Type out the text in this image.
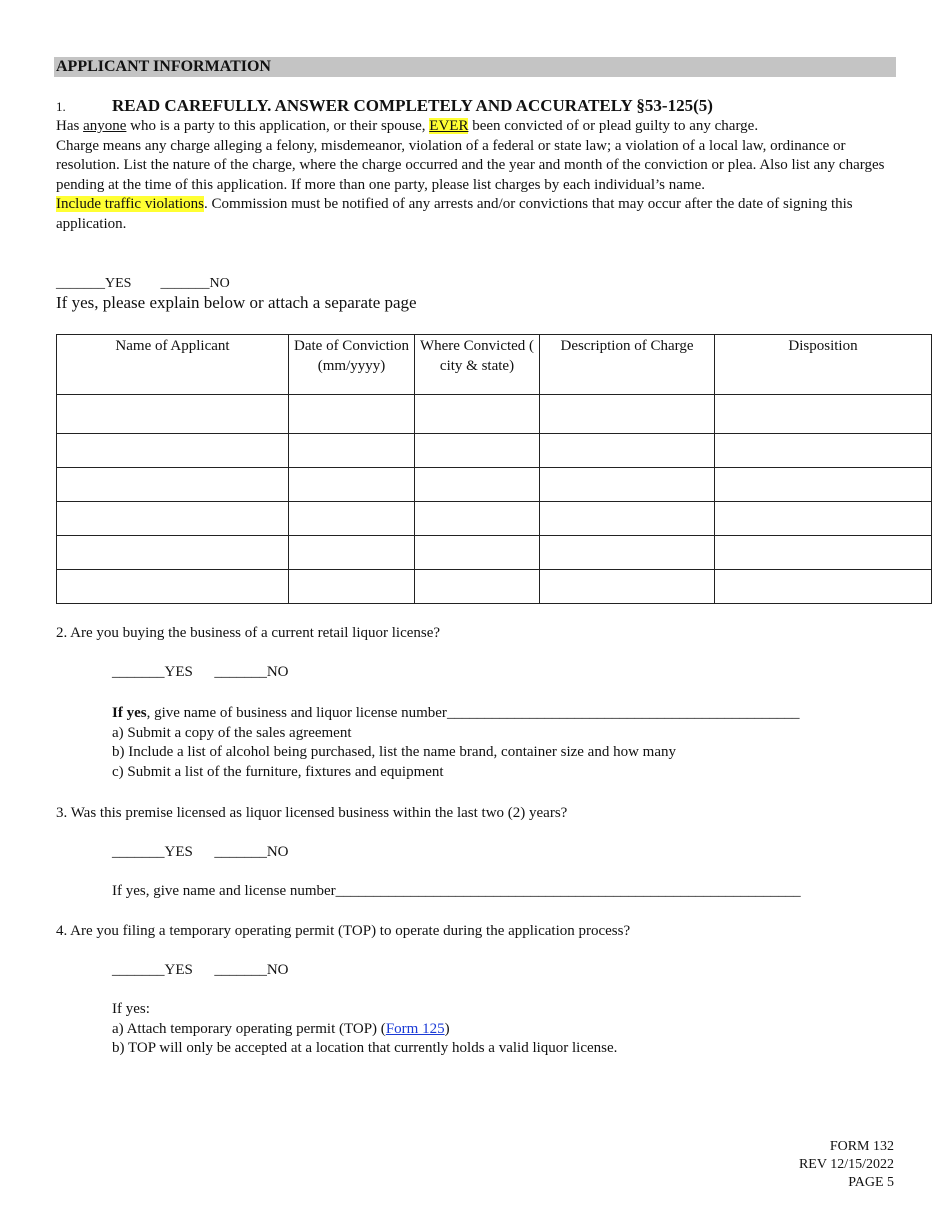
APPLICANT INFORMATION
1.	READ CAREFULLY. ANSWER COMPLETELY AND ACCURATELY §53-125(5)
Has anyone who is a party to this application, or their spouse, EVER been convicted of or plead guilty to any charge.
Charge means any charge alleging a felony, misdemeanor, violation of a federal or state law; a violation of a local law, ordinance or resolution. List the nature of the charge, where the charge occurred and the year and month of the conviction or plea. Also list any charges pending at the time of this application. If more than one party, please list charges by each individual’s name.
Include traffic violations. Commission must be notified of any arrests and/or convictions that may occur after the date of signing this application.
_______YES _______NO
If yes, please explain below or attach a separate page
Name of Applicant	Date of Conviction (mm/yyyy)	Where Convicted ( city & state)	Description of Charge	Disposition

2. Are you buying the business of a current retail liquor license?
_______YES _______NO
If yes, give name of business and liquor license number_______________________________________________
a) Submit a copy of the sales agreement
b) Include a list of alcohol being purchased, list the name brand, container size and how many
c) Submit a list of the furniture, fixtures and equipment
3. Was this premise licensed as liquor licensed business within the last two (2) years?
_______YES _______NO
If yes, give name and license number______________________________________________________________
4. Are you filing a temporary operating permit (TOP) to operate during the application process?
_______YES _______NO
If yes:
a) Attach temporary operating permit (TOP) (Form 125)
b) TOP will only be accepted at a location that currently holds a valid liquor license.
FORM 132
REV 12/15/2022
PAGE 5
